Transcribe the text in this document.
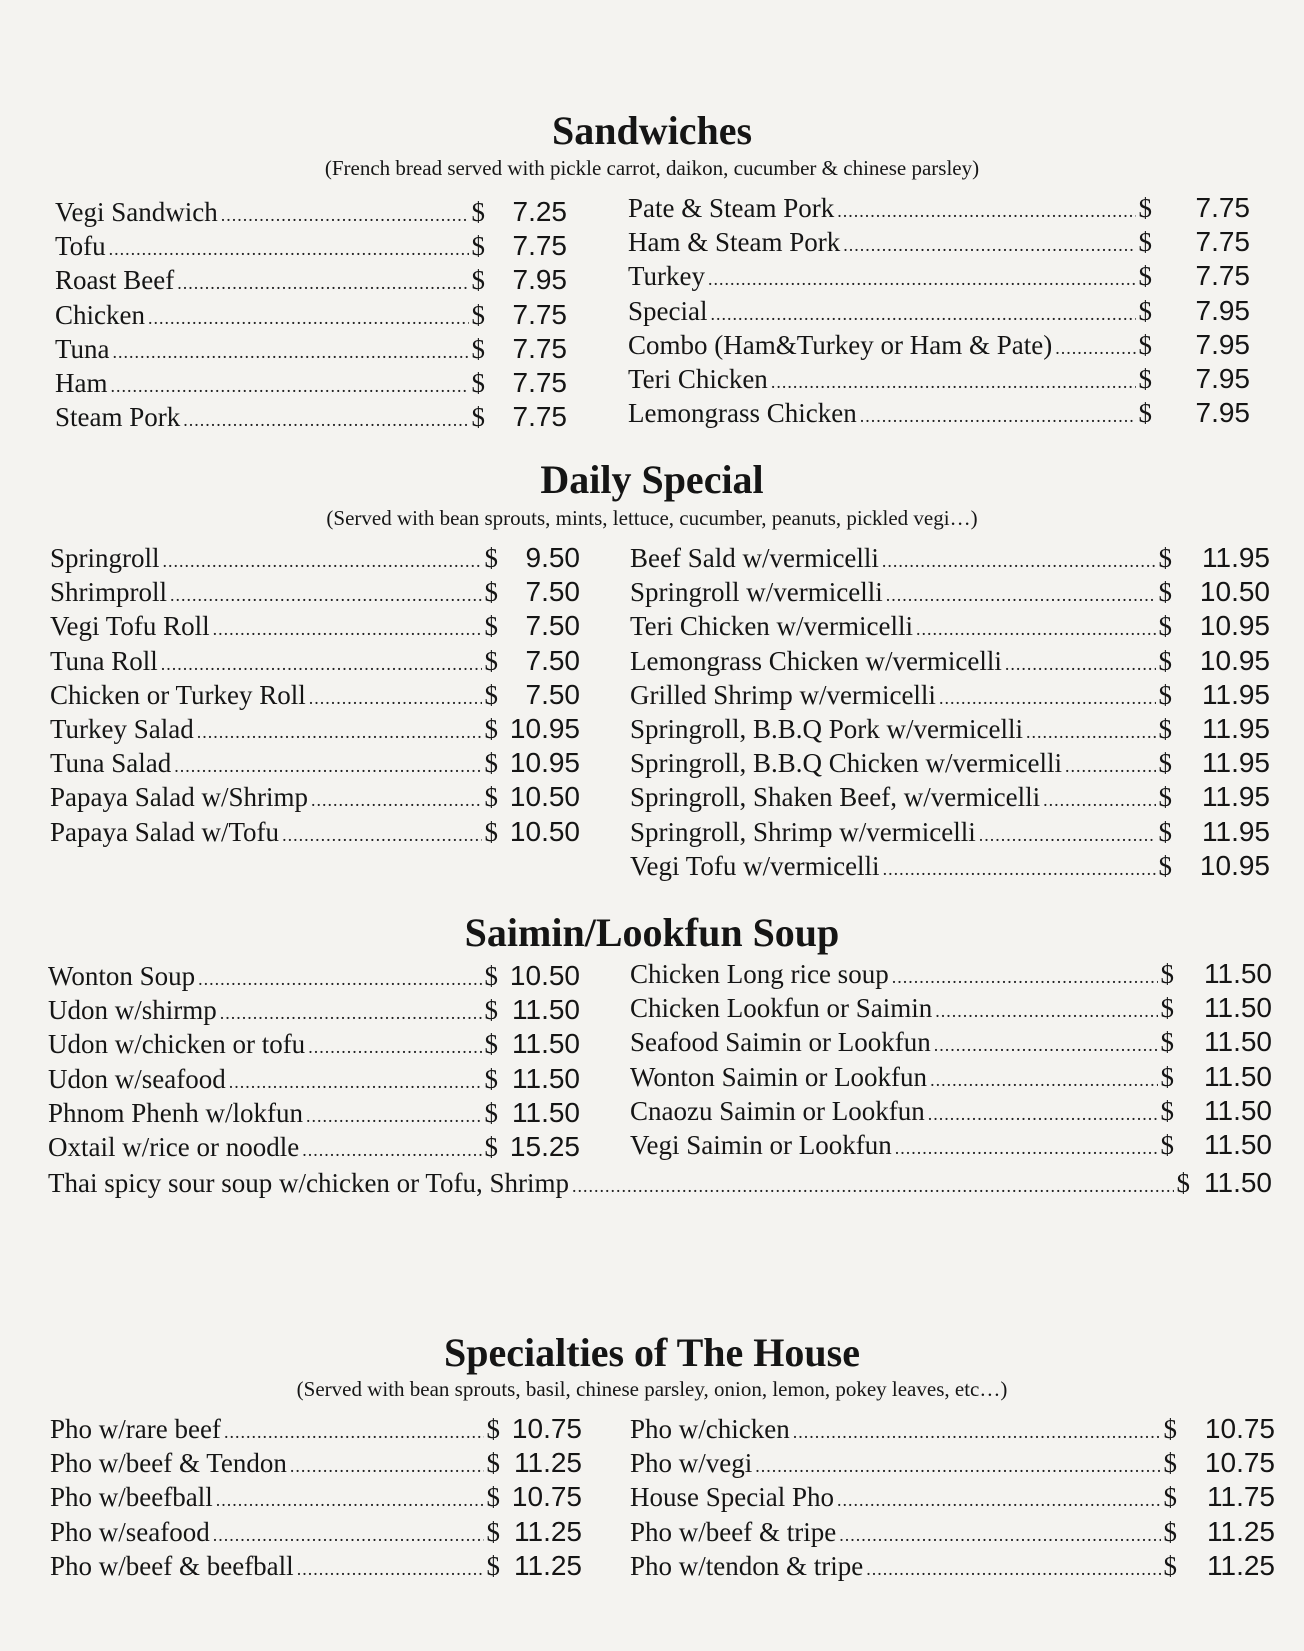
Sandwiches

(French bread served with pickle carrot, daikon, cucumber & chinese parsley)

Vegi Sandwich .....	$ 7.25
Tofu .....	$ 7.75
Roast Beef .....	$ 7.95
Chicken .....	$ 7.75
Tuna .....	$ 7.75
Ham .....	$ 7.75
Steam Pork .....	$ 7.75
Pate & Steam Pork .....	$	7.75
Ham & Steam Pork .....	$	7.75
Turkey .....	$	7.75
Special .....	$	7.95
Combo (Ham&Turkey or Ham & Pate) .....	$	7.95
Teri Chicken .....	$	7.95
Lemongrass Chicken .....	$	7.95
Daily Special

(Served with bean sprouts, mints, lettuce, cucumber, peanuts, pickled vegi…)

Springroll .....	$ 9.50
Shrimproll .....	$ 7.50
Vegi Tofu Roll .....	$ 7.50
Tuna Roll .....	$ 7.50
Chicken or Turkey Roll .....	$ 7.50
Turkey Salad .....	$ 10.95
Tuna Salad .....	$ 10.95
Papaya Salad w/Shrimp .....	$ 10.50
Papaya Salad w/Tofu .....	$ 10.50
Beef Sald w/vermicelli .....	$	11.95
Springroll w/vermicelli .....	$ 10.50
Teri Chicken w/vermicelli .....	$ 10.95
Lemongrass Chicken w/vermicelli .....	$ 10.95
Grilled Shrimp w/vermicelli .....	$	11.95
Springroll, B.B.Q Pork w/vermicelli .....	$	11.95
Springroll, B.B.Q Chicken w/vermicelli .....	$	11.95
Springroll, Shaken Beef, w/vermicelli .....	$	11.95
Springroll, Shrimp w/vermicelli .....	$	11.95
Vegi Tofu w/vermicelli .....	$ 10.95
Saimin/Lookfun Soup
Wonton Soup .....	$ 10.50
Udon w/shirmp .....	$ 11.50
Udon w/chicken or tofu .....	$ 11.50
Udon w/seafood .....	$ 11.50
Phnom Phenh w/lokfun .....	$ 11.50
Oxtail w/rice or noodle .....	$ 15.25
Chicken Long rice soup .....	$	11.50
Chicken Lookfun or Saimin .....	$	11.50
Seafood Saimin or Lookfun .....	$	11.50
Wonton Saimin or Lookfun .....	$	11.50
Cnaozu Saimin or Lookfun .....	$	11.50
Vegi Saimin or Lookfun .....	$	11.50
Thai spicy sour soup w/chicken or Tofu, Shrimp .....	$ 11.50
Specialties of The House

(Served with bean sprouts, basil, chinese parsley, onion, lemon, pokey leaves, etc…)

Pho w/rare beef .....	$ 10.75
Pho w/beef & Tendon .....	$ 11.25
Pho w/beefball .....	$ 10.75
Pho w/seafood .....	$ 11.25
Pho w/beef & beefball .....	$ 11.25
Pho w/chicken .....	$ 10.75
Pho w/vegi .....	$ 10.75
House Special Pho .....	$	11.75
Pho w/beef & tripe .....	$	11.25
Pho w/tendon & tripe .....	$	11.25
